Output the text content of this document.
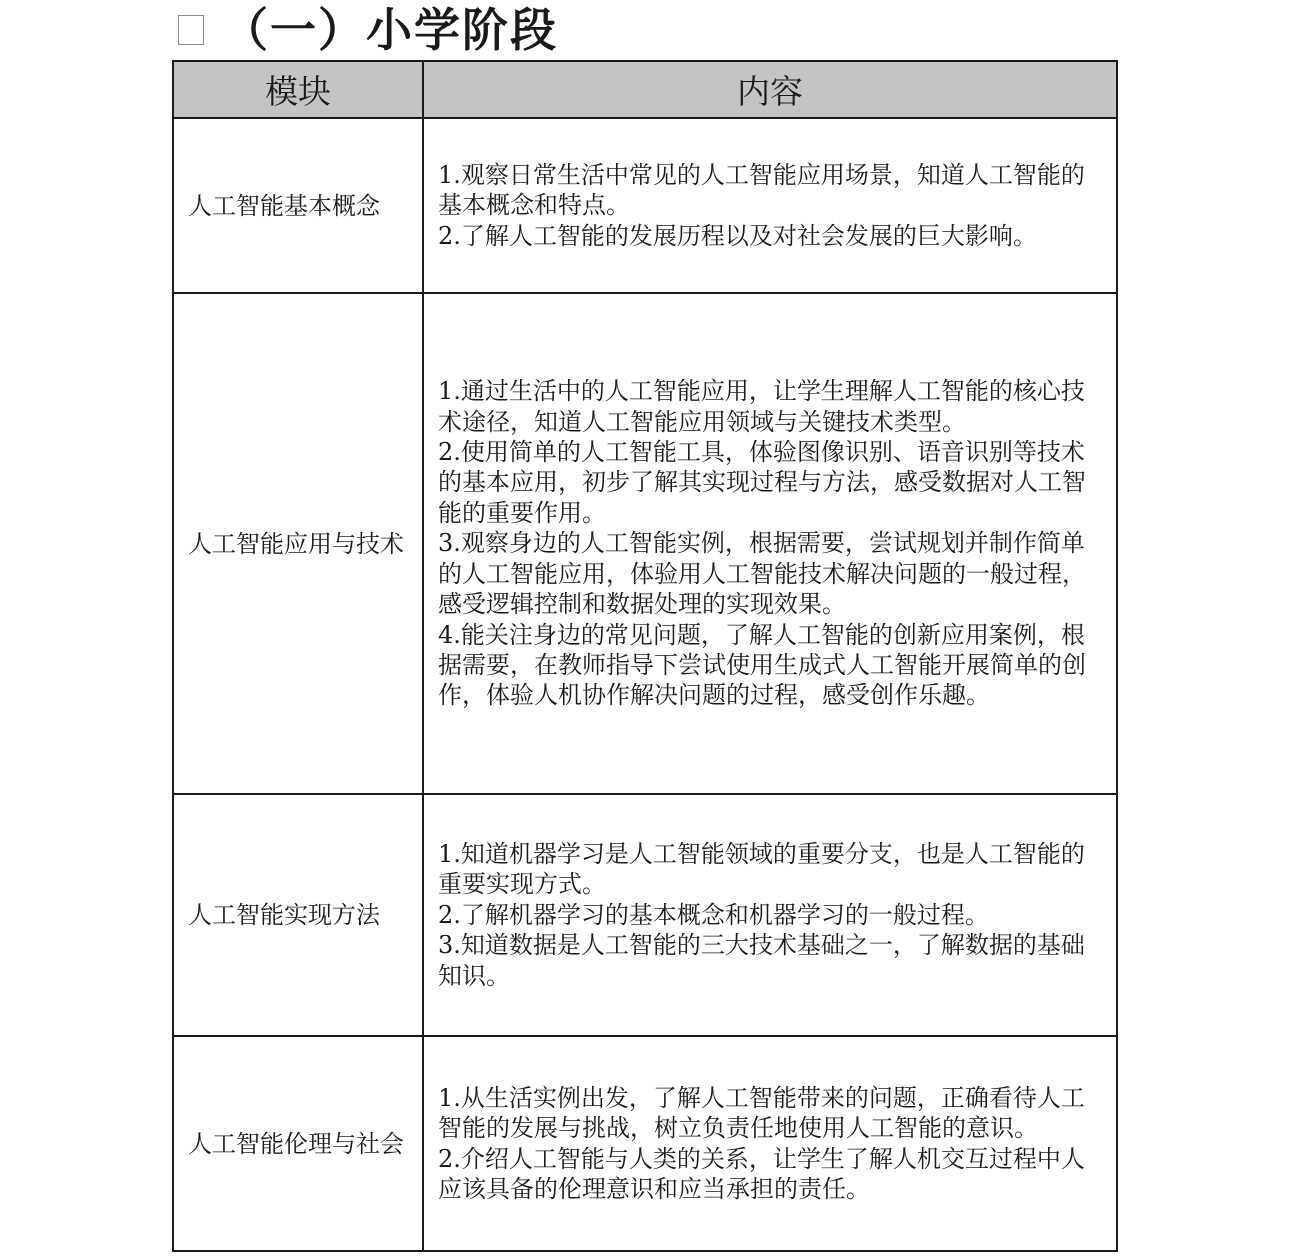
（一）小学阶段
模块	内容
人工智能基本概念	1.观察日常生活中常见的人工智能应用场景，知道人工智能的基本概念和特点。
2.了解人工智能的发展历程以及对社会发展的巨大影响。

人工智能应用与技术	1.通过生活中的人工智能应用，让学生理解人工智能的核心技术途径，知道人工智能应用领域与关键技术类型。
2.使用简单的人工智能工具，体验图像识别、语音识别等技术的基本应用，初步了解其实现过程与方法，感受数据对人工智能的重要作用。
3.观察身边的人工智能实例，根据需要，尝试规划并制作简单的人工智能应用，体验用人工智能技术解决问题的一般过程，感受逻辑控制和数据处理的实现效果。
4.能关注身边的常见问题，了解人工智能的创新应用案例，根据需要，在教师指导下尝试使用生成式人工智能开展简单的创作，体验人机协作解决问题的过程，感受创作乐趣。

人工智能实现方法	1.知道机器学习是人工智能领域的重要分支，也是人工智能的重要实现方式。
2.了解机器学习的基本概念和机器学习的一般过程。
3.知道数据是人工智能的三大技术基础之一，了解数据的基础知识。

人工智能伦理与社会	1.从生活实例出发，了解人工智能带来的问题，正确看待人工智能的发展与挑战，树立负责任地使用人工智能的意识。
2.介绍人工智能与人类的关系，让学生了解人机交互过程中人应该具备的伦理意识和应当承担的责任。
